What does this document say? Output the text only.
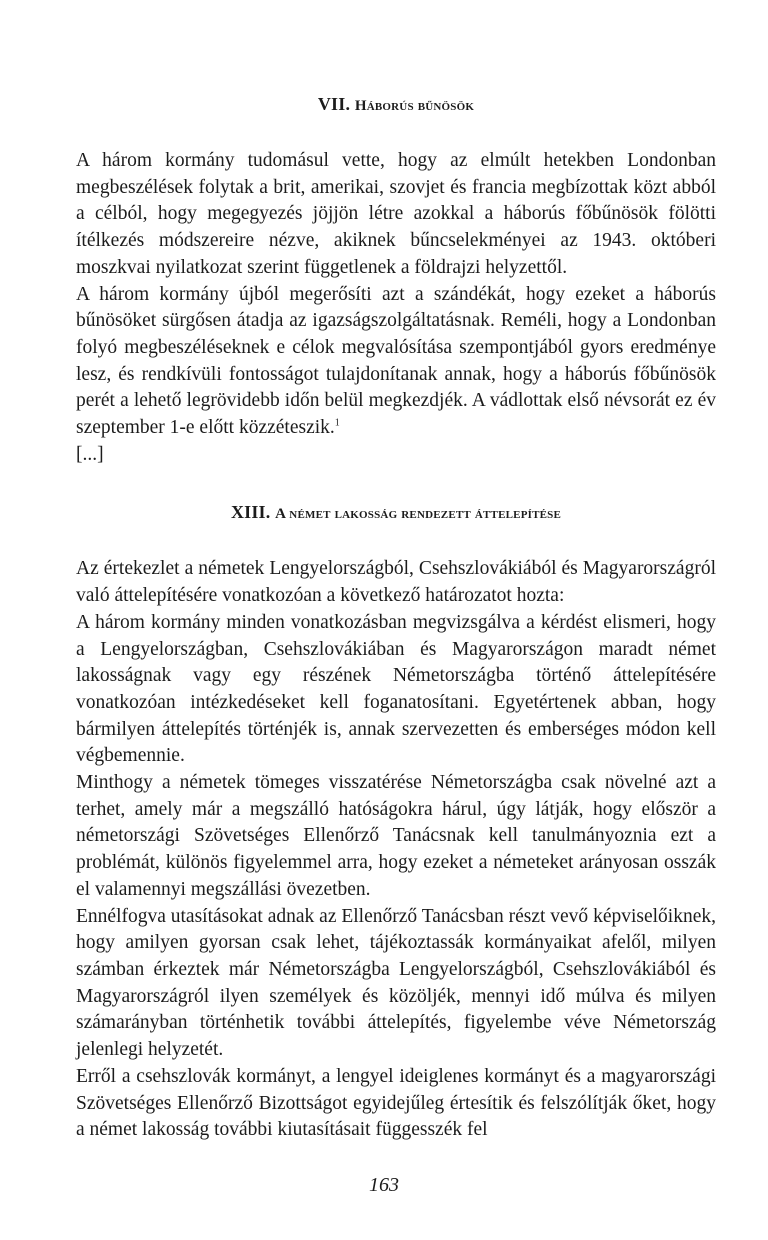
VII. Háborús bűnösök

A három kormány tudomásul vette, hogy az elmúlt hetekben Londonban megbeszélések folytak a brit, amerikai, szovjet és francia megbízottak közt abból a célból, hogy megegyezés jöjjön létre azokkal a háborús főbűnösök fölötti ítélkezés módszereire nézve, akiknek bűncselekményei az 1943. októberi moszkvai nyilatkozat szerint függetlenek a földrajzi helyzettől.

A három kormány újból megerősíti azt a szándékát, hogy ezeket a háborús bűnösöket sürgősen átadja az igazságszolgáltatásnak. Reméli, hogy a Londonban folyó megbeszéléseknek e célok megvalósítása szempontjából gyors eredménye lesz, és rendkívüli fontosságot tulajdonítanak annak, hogy a háborús főbűnösök perét a lehető legrövidebb időn belül megkezdjék. A vádlottak első névsorát ez év szeptember 1-e előtt közzéteszik.$^1$

[...]

XIII. A német lakosság rendezett áttelepítése

Az értekezlet a németek Lengyelországból, Csehszlovákiából és Magyarországról való áttelepítésére vonatkozóan a következő határozatot hozta:

A három kormány minden vonatkozásban megvizsgálva a kérdést elismeri, hogy a Lengyelországban, Csehszlovákiában és Magyarországon maradt német lakosságnak vagy egy részének Németországba történő áttelepítésére vonatkozóan intézkedéseket kell foganatosítani. Egyetértenek abban, hogy bármilyen áttelepítés történjék is, annak szervezetten és emberséges módon kell végbemennie.

Minthogy a németek tömeges visszatérése Németországba csak növelné azt a terhet, amely már a megszálló hatóságokra hárul, úgy látják, hogy először a németországi Szövetséges Ellenőrző Tanácsnak kell tanulmányoznia ezt a problémát, különös figyelemmel arra, hogy ezeket a németeket arányosan osszák el valamennyi megszállási övezetben.

Ennélfogva utasításokat adnak az Ellenőrző Tanácsban részt vevő képviselőiknek, hogy amilyen gyorsan csak lehet, tájékoztassák kormányaikat afelől, milyen számban érkeztek már Németországba Lengyelországból, Csehszlovákiából és Magyarországról ilyen személyek és közöljék, mennyi idő múlva és milyen számarányban történhetik további áttelepítés, figyelembe véve Németország jelenlegi helyzetét.

Erről a csehszlovák kormányt, a lengyel ideiglenes kormányt és a magyarországi Szövetséges Ellenőrző Bizottságot egyidejűleg értesítik és felszólítják őket, hogy a német lakosság további kiutasításait függesszék fel

163
